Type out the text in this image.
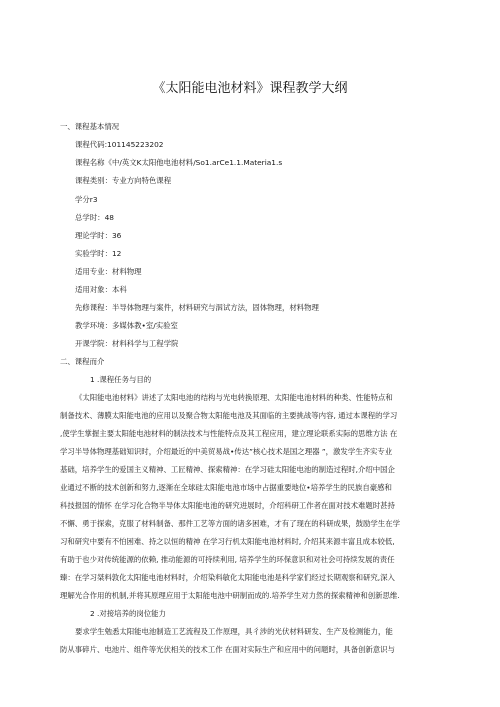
《太阳能电池材料》课程教学大纲
一、课程基本情况
课程代码:101145223202
课程名称《中/英文K太阳他电池材料/So1.arCe1.1.Materia1.s
课程类别：专业方向特色课程
学分r3
总学时：48
理论学时：36
实验学时：12
适用专业：材料物理
适用对象：本科
先修课程：半导体物理与案件，材料研究与泅试方法，固体物理，材料物理
教学环境：多媒体教•室/实验室
开课学院：材料科学与工程学院
二、课程而介
1 .课程任务与目的
《太阳能电池材料》讲述了太阳电池的结构与光电转换原理、太阳能电池材料的种类、性能特点和
制备技术、薄膜太阳能电池的应用以及聚合物太阳能电池及其面临的主要挑战等内容, 通过本课程的学习
,使学生掌握主要太阳能电池材料的制法技术与性能特点及其工程应用，建立理论联系实际的思维方法 在
学习半导体物理基础知识时，介绍最近的中美贸易战•传达”核心技术是国之理器 ”，激发学生齐实专业
基础，培养学生的爱国主义精神、工匠精神、探索精神：在学习硅太阳能电池的制造过程时,介绍中国企
业通过不断的技术创新和努力,逐渐在全球硅太阳能电池市场中占据重要地位•培养学生的民族自豪感和
科技报国的情怀 在学习化合物半导体太阳能电池的研究进展时，介绍科研工作者在面对技术难题时甚持
不懈、勇于探索，克服了材料制备、那件工艺等方面的诸多困难，才有了现在的科研成果，鼓励学生在学
习和研究中要有不怕困难、持之以恒的精神 在学习行机太阳能电池材料时, 介绍其来源丰富且成本较低,
有助于也少对传统能源的依赖, 推动能源的可持续利用, 培养学生的环保意识和对社会可持续发展的责任
臻：在学习桀料敦化太阳能电池材料时，介绍染料敏化太阳能电池是科学家们经过长期观察和研究,深入
理解光合作用的机制,并将其原理应用于太阳能电池中研制而成的.培养学生对力然的探索精神和创新思维.
2 .对接培养的岗位能力
要求学生勉悉太阳能电池制造工艺流程及工作原理，具彳涉的光伏材料研发、生产及检测能力，能
防从事碎片、电池片、组件等光伏相关的技术工作 在面对实际生产和应用中的问题时，具备创新意识与
